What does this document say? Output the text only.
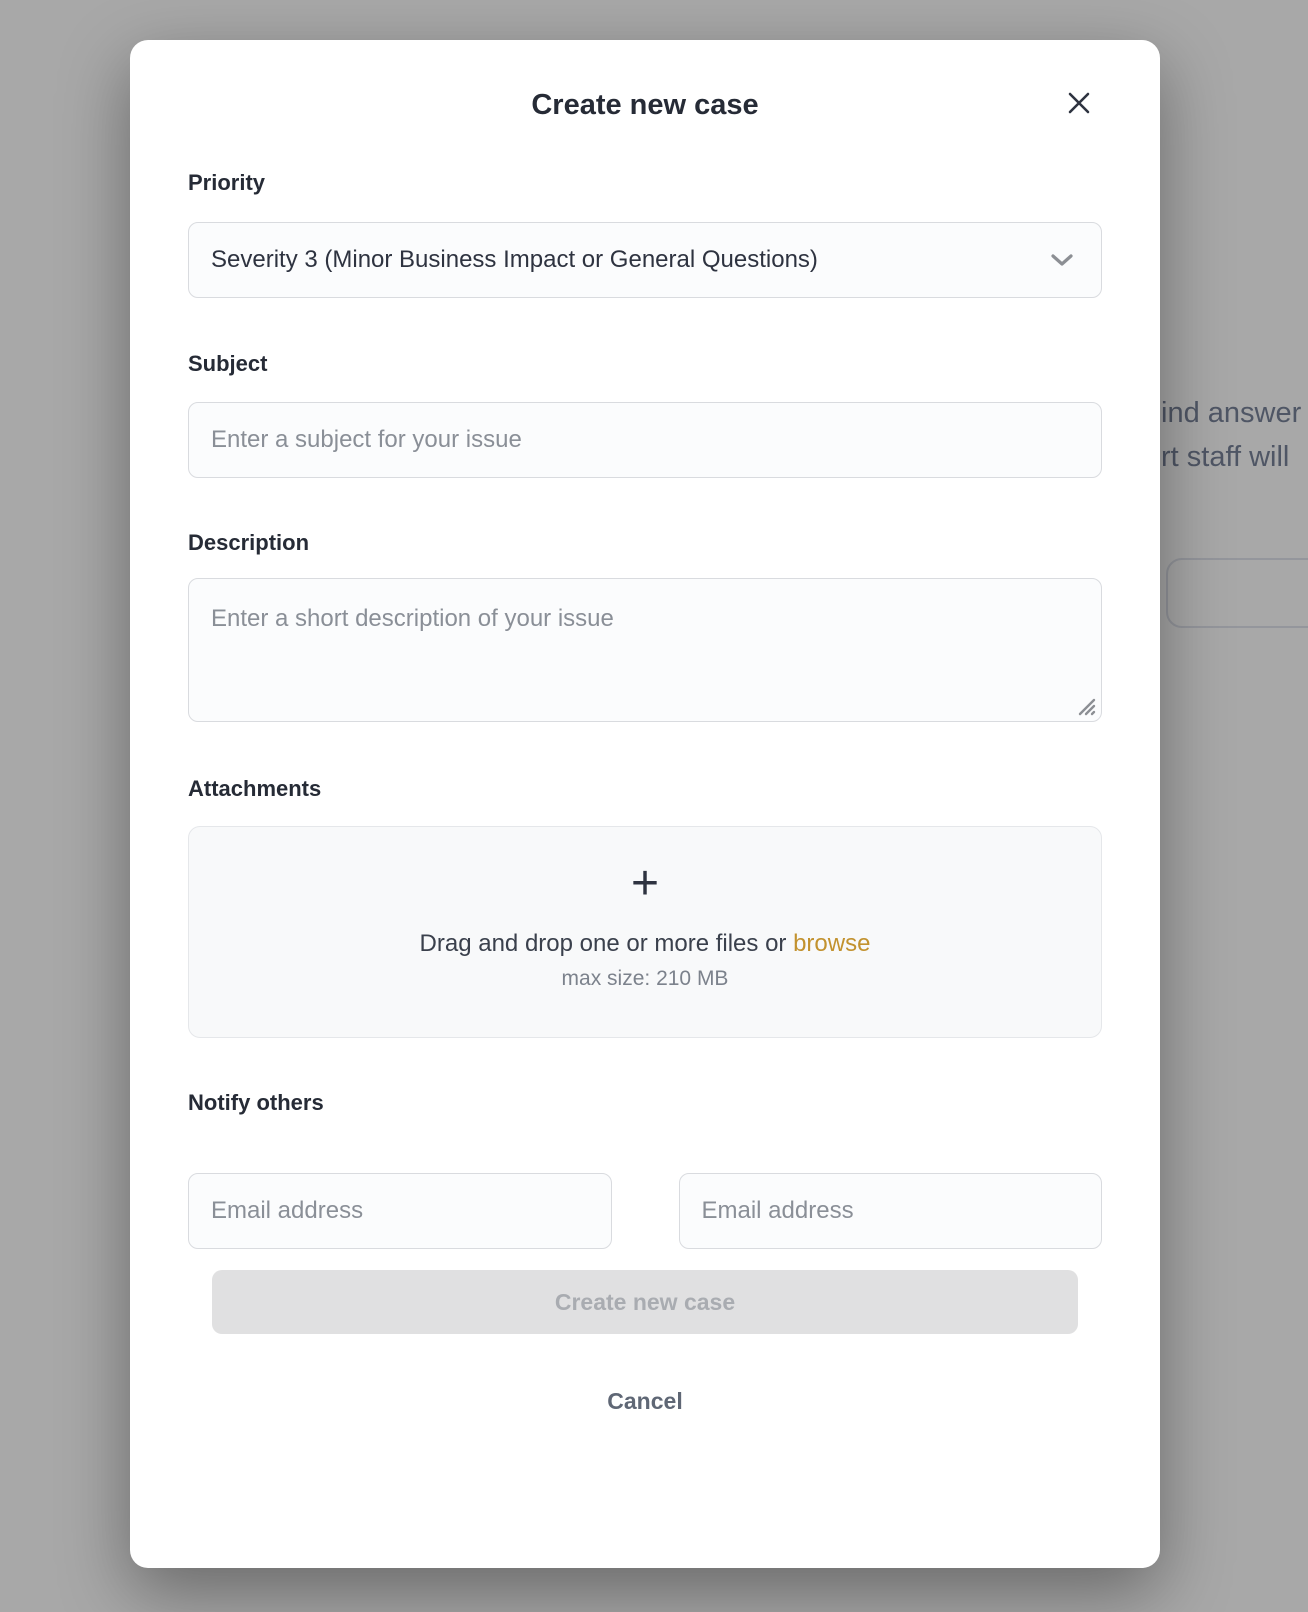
ind answer
rt staff will
Create new case
Priority
Severity 3 (Minor Business Impact or General Questions)
Subject
Enter a subject for your issue
Description
Enter a short description of your issue
Attachments
+
Drag and drop one or more files or browse
max size: 210 MB
Notify others
Email address
Email address
Create new case
Cancel
